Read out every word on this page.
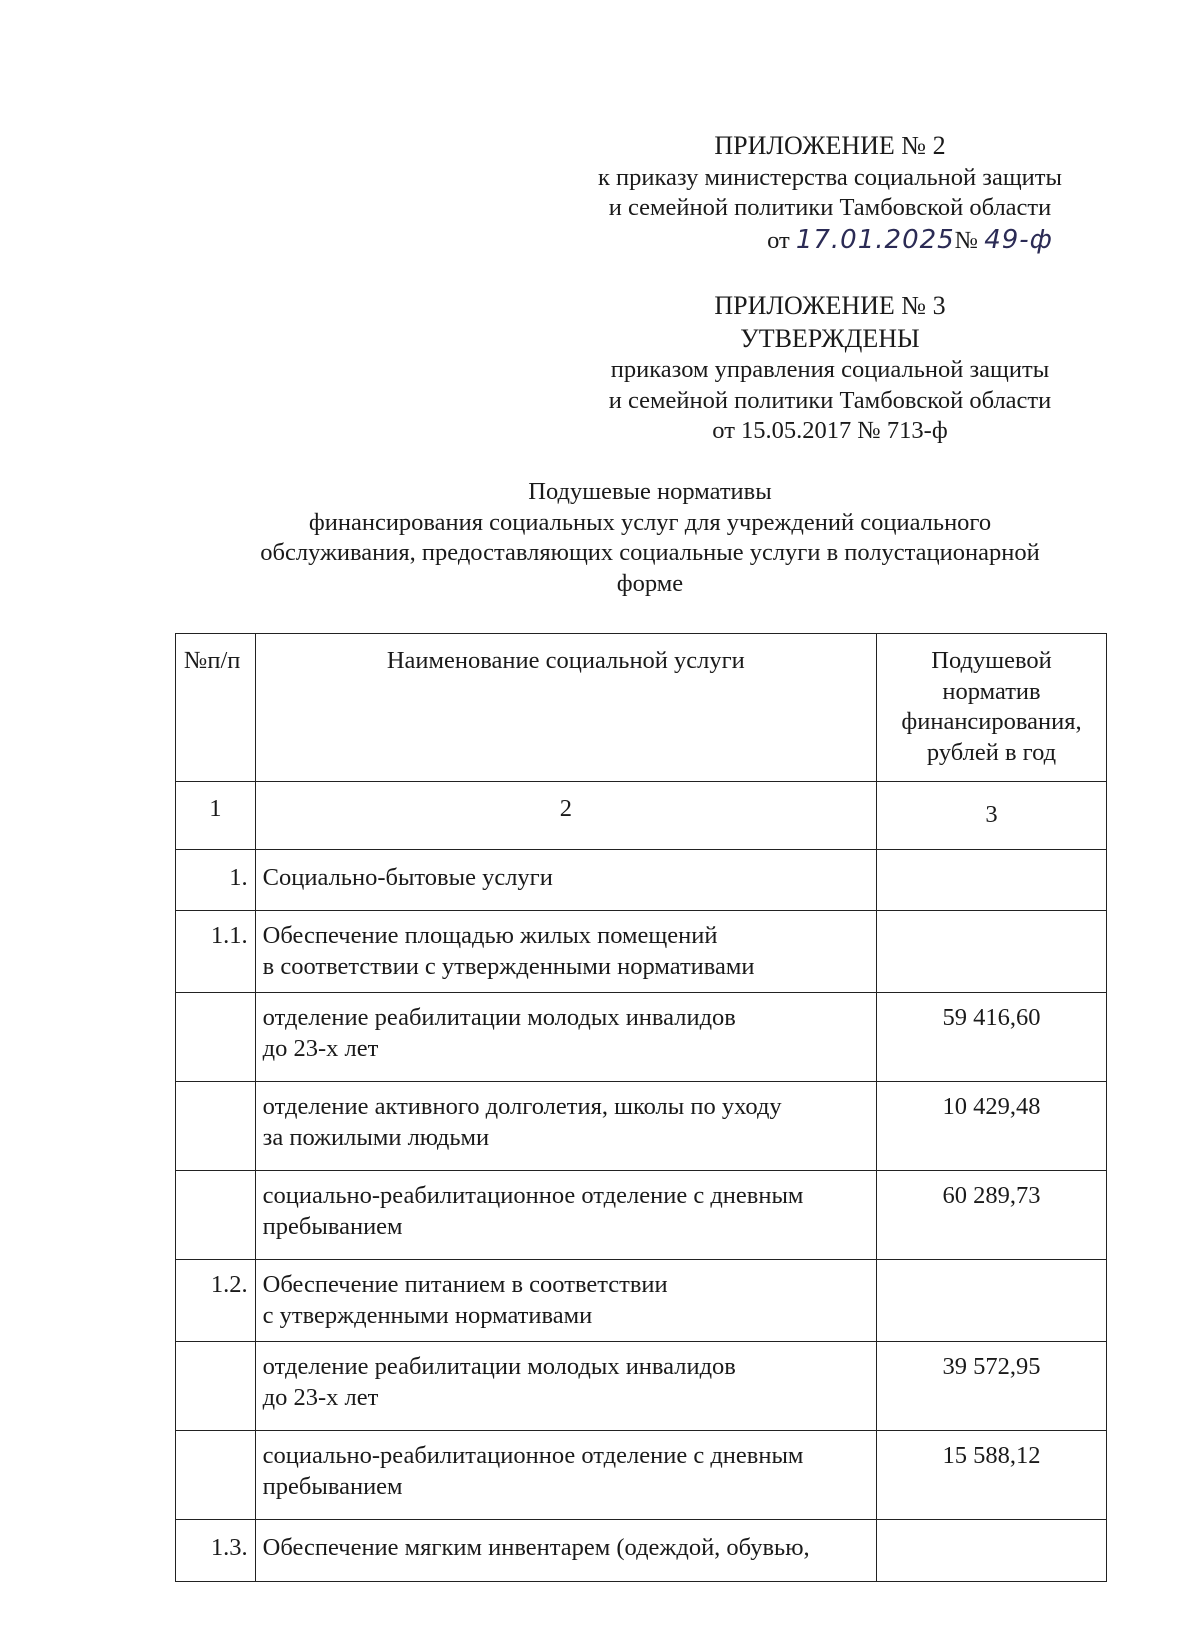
ПРИЛОЖЕНИЕ № 2
к приказу министерства социальной защиты
и семейной политики Тамбовской области
от 17.01.2025№ 49-ф
ПРИЛОЖЕНИЕ № 3
УТВЕРЖДЕНЫ
приказом управления социальной защиты
и семейной политики Тамбовской области
от 15.05.2017 № 713-ф
Подушевые нормативы
финансирования социальных услуг для учреждений социального
обслуживания, предоставляющих социальные услуги в полустационарной
форме
№п/п	Наименование социальной услуги	Подушевой
норматив
финансирования,
рублей в год

1	2	3
1.	Социально-бытовые услуги	
1.1.	Обеспечение площадью жилых помещений
в соответствии с утвержденными нормативами	

	отделение реабилитации молодых инвалидов
до 23-х лет	59 416,60

	отделение активного долголетия, школы по уходу
за пожилыми людьми	10 429,48

	социально-реабилитационное отделение с дневным
пребыванием	60 289,73
1.2.	Обеспечение питанием в соответствии
с утвержденными нормативами	

	отделение реабилитации молодых инвалидов
до 23-х лет	39 572,95

	социально-реабилитационное отделение с дневным
пребыванием	15 588,12
1.3.	Обеспечение мягким инвентарем (одеждой, обувью,	
